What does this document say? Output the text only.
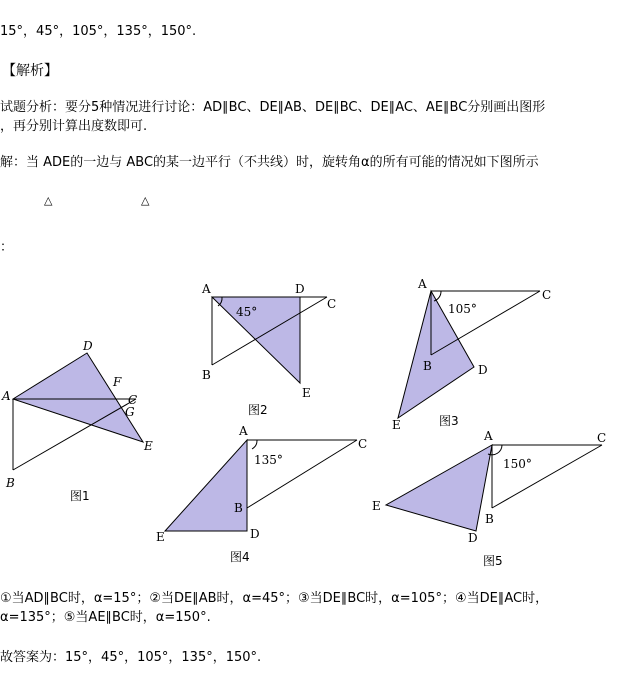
15°，45°，105°，135°，150°.
【解析】
试题分析：要分5种情况进行讨论：AD∥BC、DE∥AB、DE∥BC、DE∥AC、AE∥BC分别画出图形
，再分别计算出度数即可.
解：当 ADE的一边与 ABC的某一边平行（不共线）时，旋转角α的所有可能的情况如下图所示
△	△
：
D
A
F
C
G
E
B
图1
A	D
C
B
E
45°
图2
A
C
B	D
E
105°
图3
A
C
B
D
E
135°
图4
A	C
E
B
D
150°
图5
①当AD∥BC时，α=15°；②当DE∥AB时，α=45°；③当DE∥BC时，α=105°；④当DE∥AC时，
α=135°；⑤当AE∥BC时，α=150°.
故答案为：15°，45°，105°，135°，150°.
